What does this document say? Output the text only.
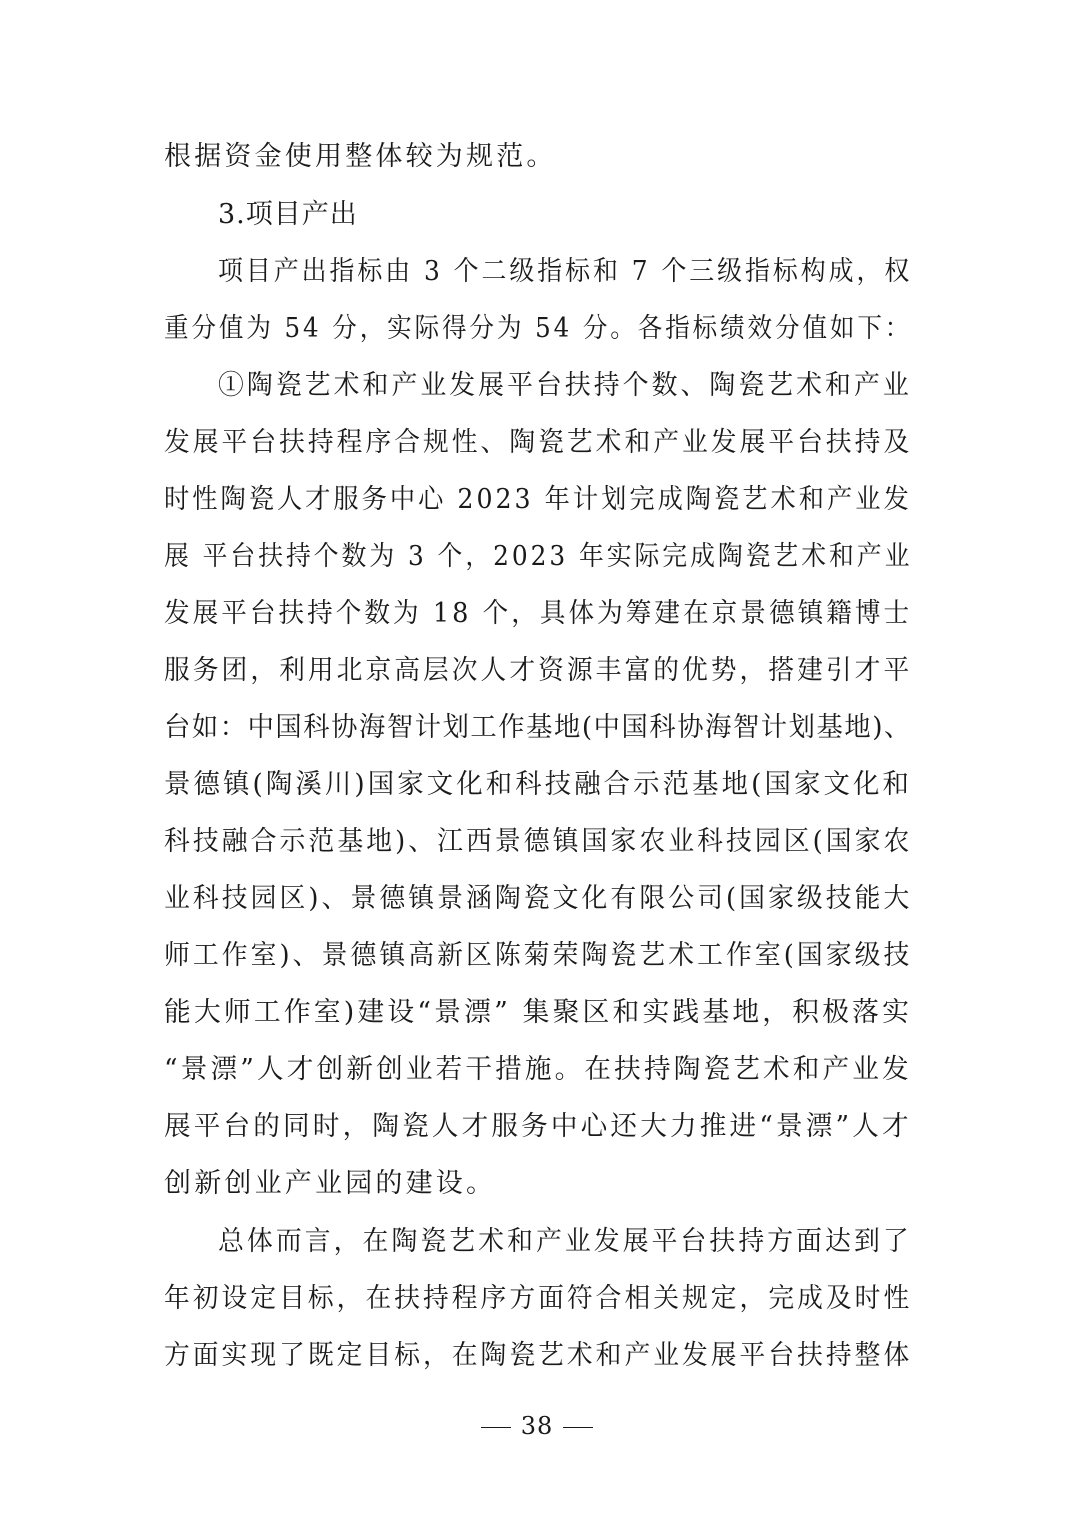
根据资金使用整体较为规范。
3.项目产出
项目产出指标由 3 个二级指标和 7 个三级指标构成，权
重分值为 54 分，实际得分为 54 分。各指标绩效分值如下：
①陶瓷艺术和产业发展平台扶持个数、陶瓷艺术和产业
发展平台扶持程序合规性、陶瓷艺术和产业发展平台扶持及
时性陶瓷人才服务中心 2023 年计划完成陶瓷艺术和产业发
展 平台扶持个数为 3 个，2023 年实际完成陶瓷艺术和产业
发展平台扶持个数为 18 个，具体为筹建在京景德镇籍博士
服务团，利用北京高层次人才资源丰富的优势，搭建引才平
台如：中国科协海智计划工作基地(中国科协海智计划基地)、
景德镇(陶溪川)国家文化和科技融合示范基地(国家文化和
科技融合示范基地)、江西景德镇国家农业科技园区(国家农
业科技园区)、景德镇景涵陶瓷文化有限公司(国家级技能大
师工作室)、景德镇高新区陈菊荣陶瓷艺术工作室(国家级技
能大师工作室)建设“景漂” 集聚区和实践基地，积极落实
“景漂”人才创新创业若干措施。在扶持陶瓷艺术和产业发
展平台的同时，陶瓷人才服务中心还大力推进“景漂”人才
创新创业产业园的建设。
总体而言，在陶瓷艺术和产业发展平台扶持方面达到了
年初设定目标，在扶持程序方面符合相关规定，完成及时性
方面实现了既定目标，在陶瓷艺术和产业发展平台扶持整体
38
